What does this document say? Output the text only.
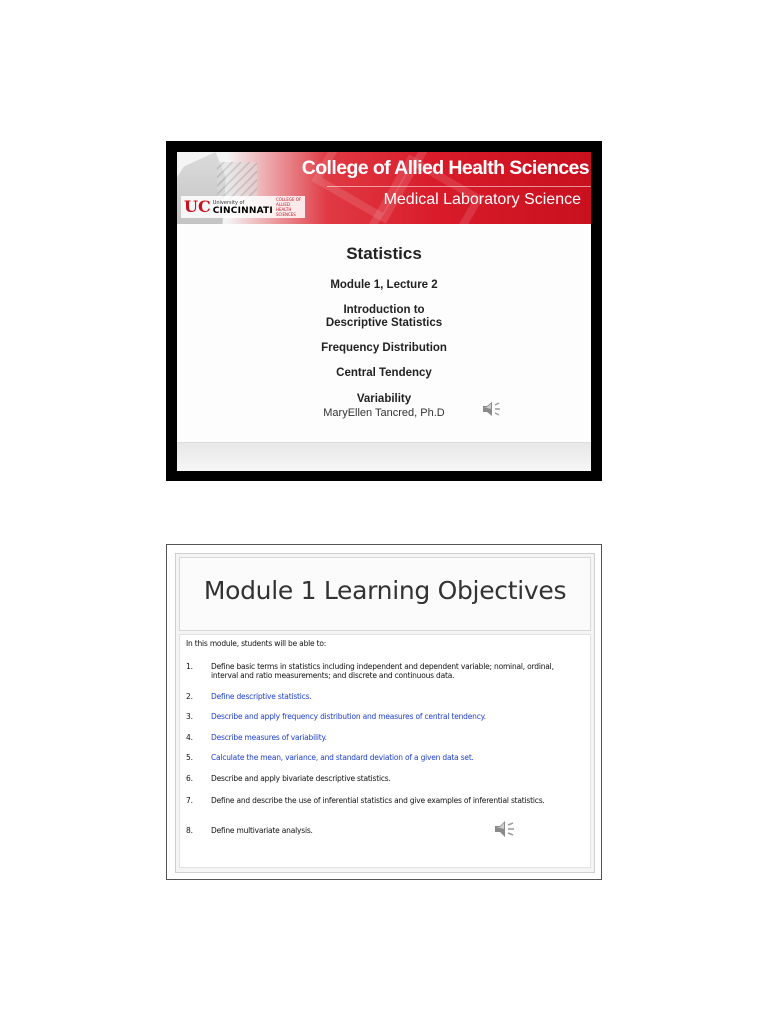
UC University of
CINCINNATI
COLLEGE OF ALLIED HEALTH SCIENCES
College of Allied Health Sciences
Medical Laboratory Science
Statistics
Module 1, Lecture 2
Introduction to
Descriptive Statistics
Frequency Distribution
Central Tendency
Variability
MaryEllen Tancred, Ph.D
Module 1 Learning Objectives
In this module, students will be able to:
1.	Define basic terms in statistics including independent and dependent variable; nominal, ordinal, interval and ratio measurements; and discrete and continuous data.
2.	Define descriptive statistics.
3.	Describe and apply frequency distribution and measures of central tendency.
4.	Describe measures of variability.
5.	Calculate the mean, variance, and standard deviation of a given data set.
6.	Describe and apply bivariate descriptive statistics.
7.	Define and describe the use of inferential statistics and give examples of inferential statistics.
8.	Define multivariate analysis.
